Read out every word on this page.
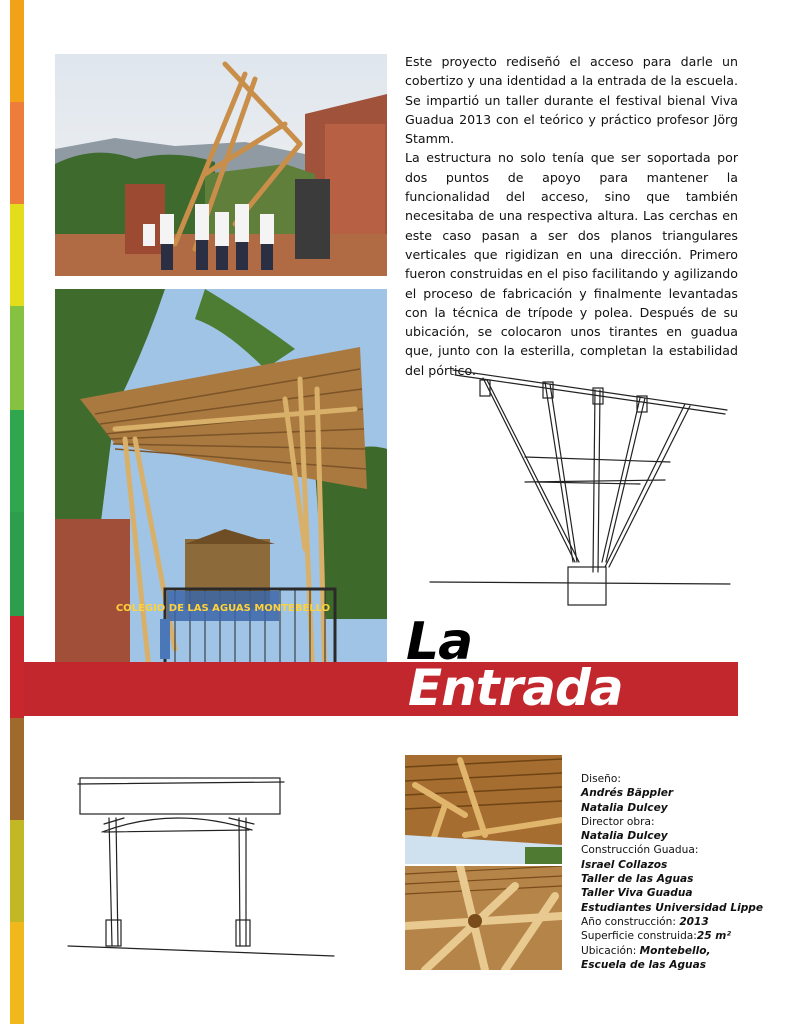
COLEGIO DE LAS AGUAS MONTEBELLO

Este proyecto rediseñó el acceso para darle un cobertizo y una identidad a la entrada de la escuela. Se impartió un taller durante el festival bienal Viva Guadua 2013 con el teórico y práctico profesor Jörg Stamm.

La estructura no solo tenía que ser soportada por dos puntos de apoyo para mantener la funcionalidad del acceso, sino que también necesitaba de una respectiva altura. Las cerchas en este caso pasan a ser dos planos triangulares verticales que rigidizan en una dirección. Primero fueron construidas en el piso facilitando y agilizando el proceso de fabricación y finalmente levantadas con la técnica de trípode y polea. Después de su ubicación, se colocaron unos tirantes en guadua que, junto con la esterilla, completan la estabilidad del pórtico.

La
Entrada
Diseño:
Andrés Bäppler
Natalia Dulcey
Director obra:
Natalia Dulcey
Construcción Guadua:
Israel Collazos
Taller de las Aguas
Taller Viva Guadua
Estudiantes Universidad Lippe
Año construcción: 2013
Superficie construida:25 m²
Ubicación: Montebello,
Escuela de las Aguas
